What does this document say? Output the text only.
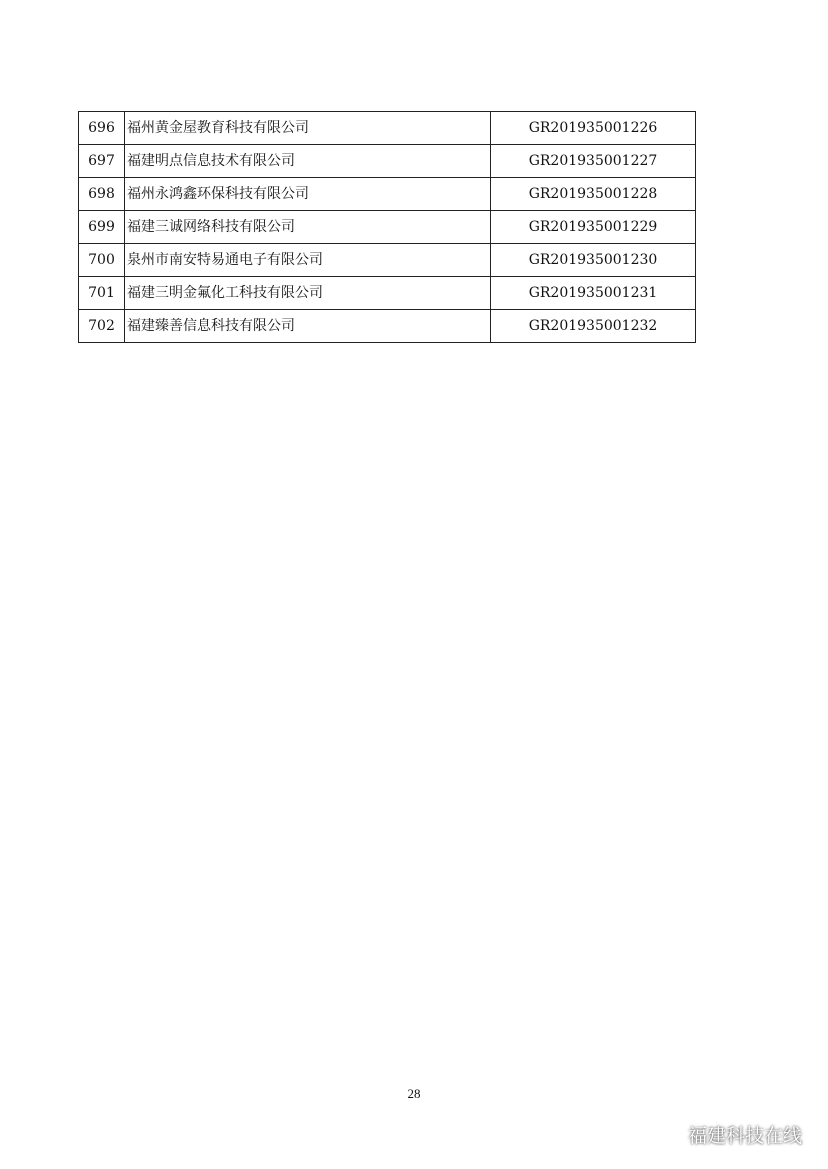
696	福州黄金屋教育科技有限公司	GR201935001226
697	福建明点信息技术有限公司	GR201935001227
698	福州永鸿鑫环保科技有限公司	GR201935001228
699	福建三诚网络科技有限公司	GR201935001229
700	泉州市南安特易通电子有限公司	GR201935001230
701	福建三明金氟化工科技有限公司	GR201935001231
702	福建臻善信息科技有限公司	GR201935001232
28
福建科技在线
